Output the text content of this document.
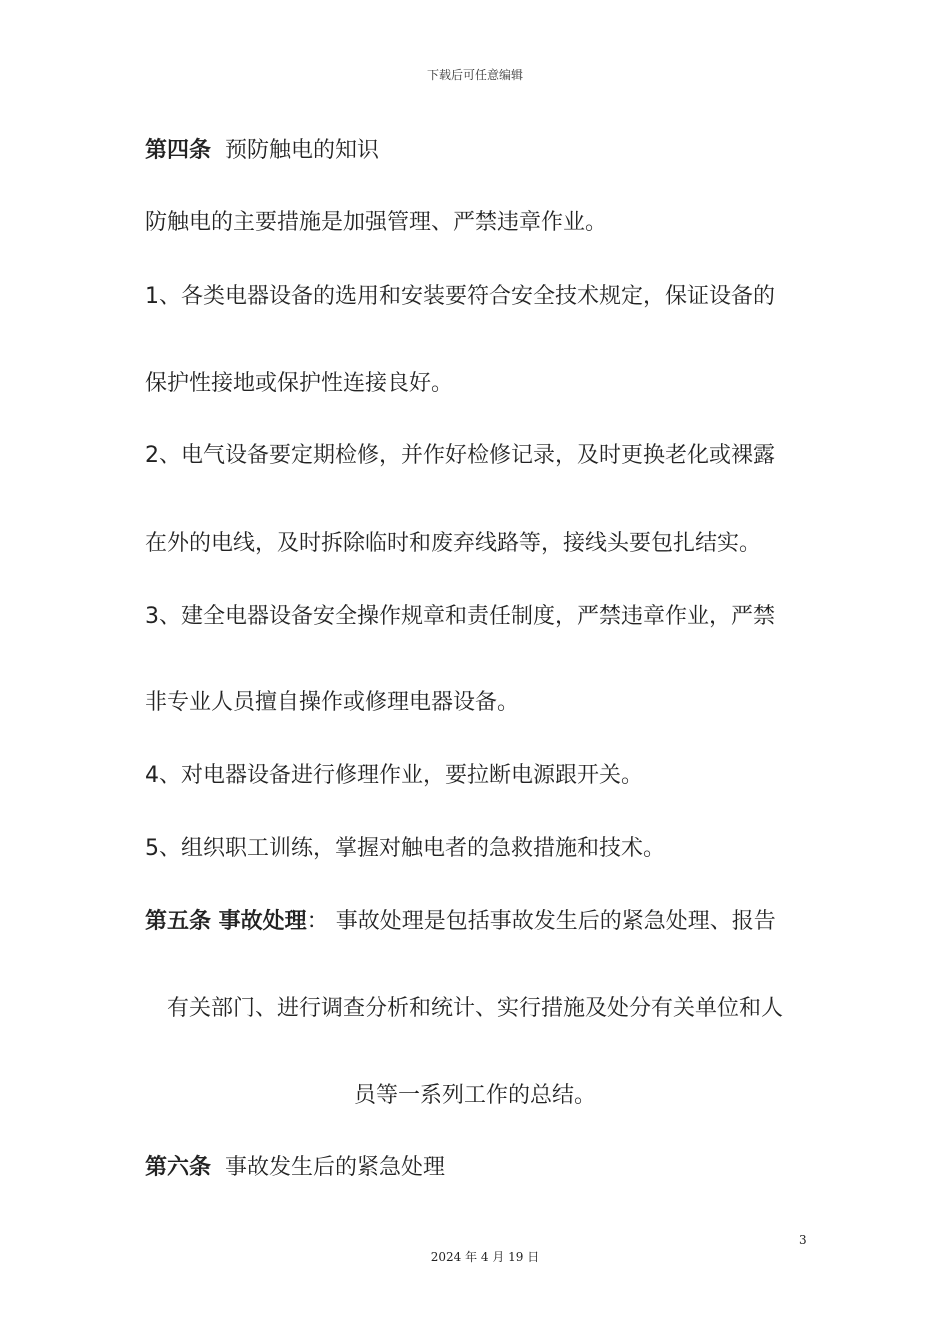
下载后可任意编辑
第四条 预防触电的知识
防触电的主要措施是加强管理、严禁违章作业。
1、各类电器设备的选用和安装要符合安全技术规定，保证设备的
保护性接地或保护性连接良好。
2、电气设备要定期检修，并作好检修记录，及时更换老化或裸露
在外的电线，及时拆除临时和废弃线路等，接线头要包扎结实。
3、建全电器设备安全操作规章和责任制度，严禁违章作业，严禁
非专业人员擅自操作或修理电器设备。
4、对电器设备进行修理作业，要拉断电源跟开关。
5、组织职工训练，掌握对触电者的急救措施和技术。
第五条 事故处理： 事故处理是包括事故发生后的紧急处理、报告
有关部门、进行调查分析和统计、实行措施及处分有关单位和人
员等一系列工作的总结。
第六条 事故发生后的紧急处理
3
2024 年 4 月 19 日
